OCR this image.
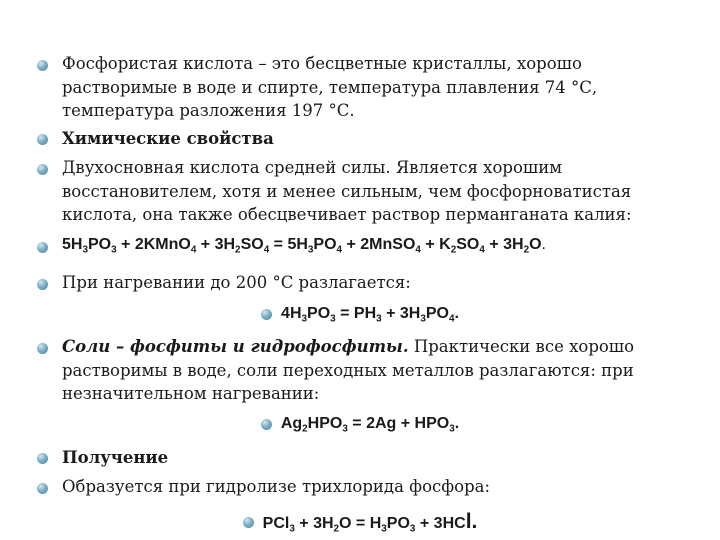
Фосфористая кислота – это бесцветные кристаллы, хорошо растворимые в воде и спирте, температура плавления 74 °С, температура разложения 197 °С.
Химические свойства
Двухосновная кислота средней силы. Является хорошим восстановителем, хотя и менее сильным, чем фосфорноватистая кислота, она также обесцвечивает раствор перманганата калия:
$5H_3PO_3$ + 2KMnO$_4$ + $3H_2SO_4 = 5H_3PO_4$ + 2MnSO$_4$ + $K_2SO_4 + 3H_2O$.
При нагревании до 200 °С разлагается:
$4H_3PO_3 = PH_3 + 3H_3PO_4$.
Соли – фосфиты и гидрофосфиты. Практически все хорошо растворимы в воде, соли переходных металлов разлагаются: при незначительном нагревании:
$Ag_2HPO_3 = 2Ag + HPO_3$.
Получение
Образуется при гидролизе трихлорида фосфора:
$PCl_3 + 3H_2O = H_3PO_3 + 3HCl$.
